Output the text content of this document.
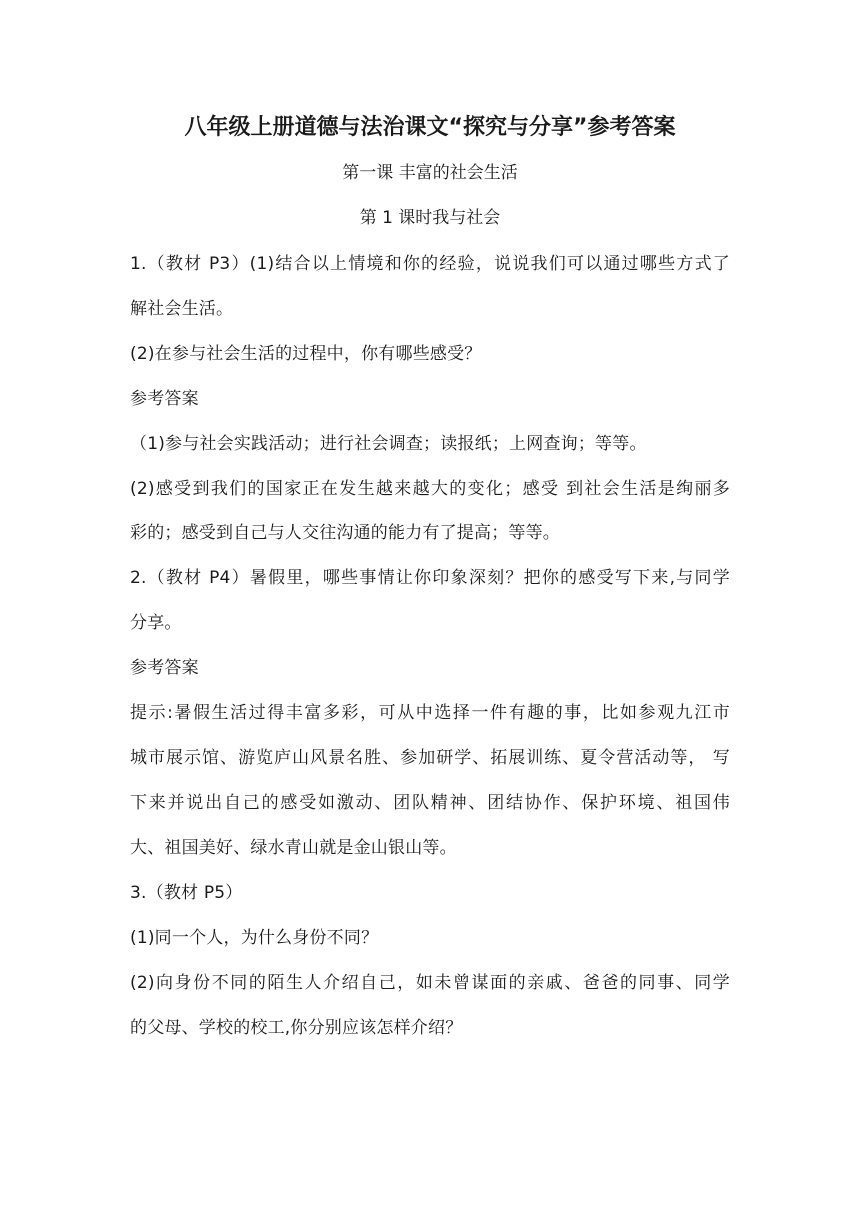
八年级上册道德与法治课文“探究与分享”参考答案
第一课 丰富的社会生活
第 1 课时我与社会
1.（教材 P3）(1)结合以上情境和你的经验，说说我们可以通过哪些方式了
解社会生活。
(2)在参与社会生活的过程中，你有哪些感受？
参考答案
（1)参与社会实践活动；进行社会调查；读报纸；上网查询；等等。
(2)感受到我们的国家正在发生越来越大的变化；感受 到社会生活是绚丽多
彩的；感受到自己与人交往沟通的能力有了提高；等等。
2.（教材 P4）暑假里，哪些事情让你印象深刻？把你的感受写下来,与同学
分享。
参考答案
提示:暑假生活过得丰富多彩，可从中选择一件有趣的事，比如参观九江市
城市展示馆、游览庐山风景名胜、参加研学、拓展训练、夏令营活动等， 写
下来并说出自己的感受如激动、团队精神、团结协作、保护环境、祖国伟
大、祖国美好、绿水青山就是金山银山等。
3.（教材 P5）
(1)同一个人，为什么身份不同？
(2)向身份不同的陌生人介绍自己，如未曾谋面的亲戚、爸爸的同事、同学
的父母、学校的校工,你分别应该怎样介绍？
